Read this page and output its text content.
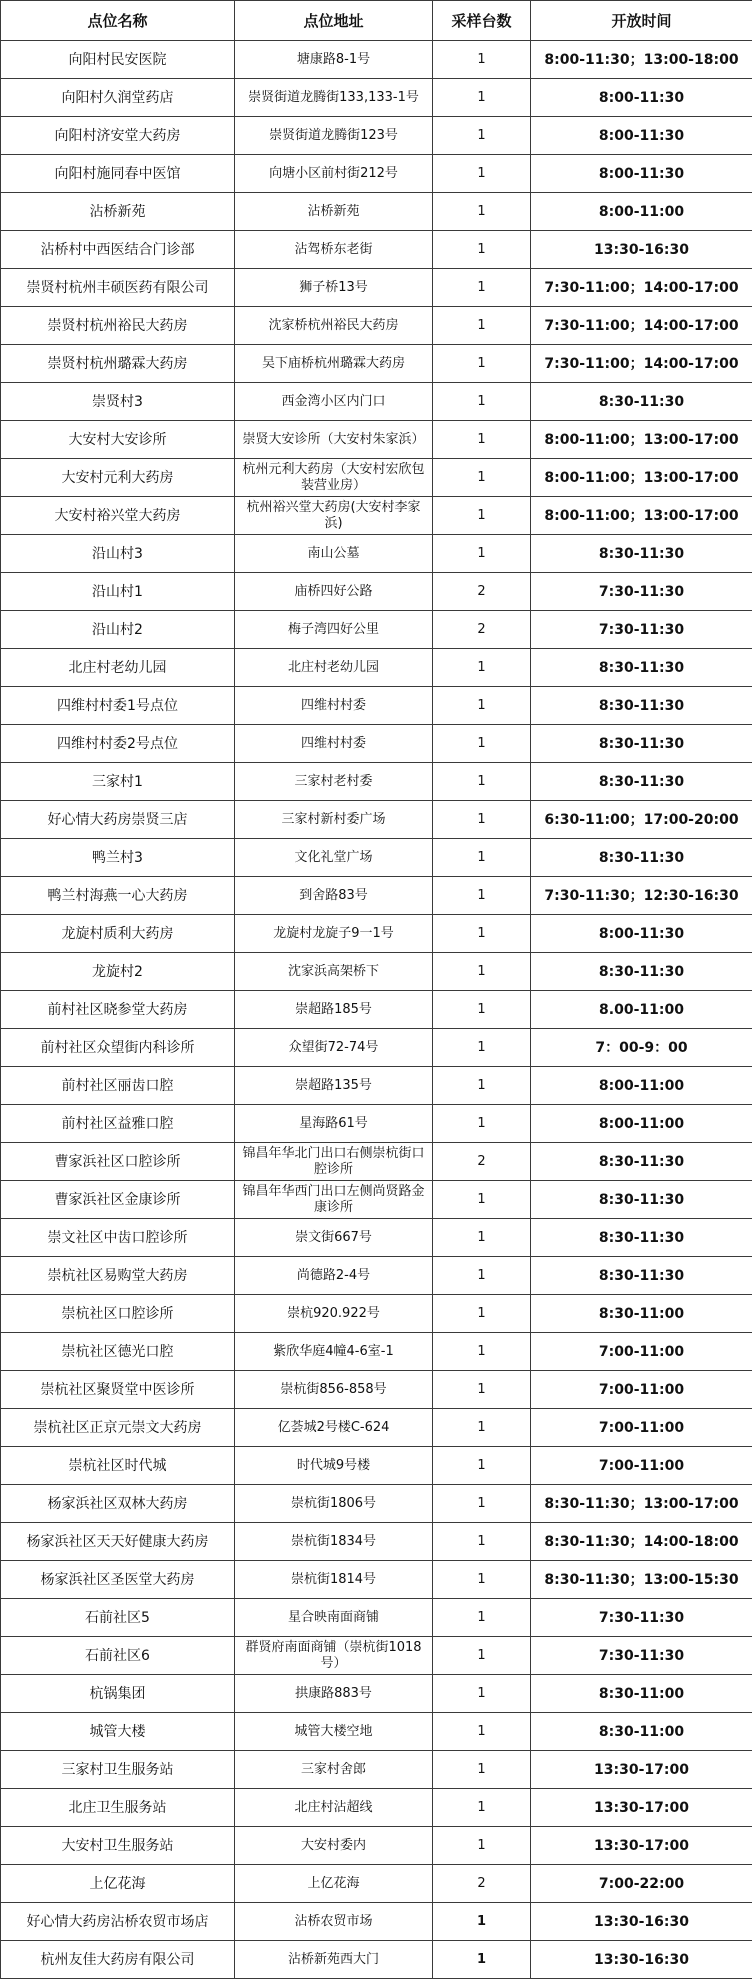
点位名称	点位地址	采样台数	开放时间
向阳村民安医院	塘康路8-1号	1	8:00-11:30；13:00-18:00
向阳村久润堂药店	崇贤街道龙腾街133,133-1号	1	8:00-11:30
向阳村济安堂大药房	崇贤街道龙腾街123号	1	8:00-11:30
向阳村施同春中医馆	向塘小区前村街212号	1	8:00-11:30
沾桥新苑	沾桥新苑	1	8:00-11:00
沾桥村中西医结合门诊部	沾驾桥东老街	1	13:30-16:30
崇贤村杭州丰硕医药有限公司	狮子桥13号	1	7:30-11:00；14:00-17:00
崇贤村杭州裕民大药房	沈家桥杭州裕民大药房	1	7:30-11:00；14:00-17:00
崇贤村杭州璐霖大药房	吴下庙桥杭州璐霖大药房	1	7:30-11:00；14:00-17:00
崇贤村3	西金湾小区内门口	1	8:30-11:30
大安村大安诊所	崇贤大安诊所（大安村朱家浜）	1	8:00-11:00；13:00-17:00
大安村元利大药房	杭州元利大药房（大安村宏欣包装营业房）	1	8:00-11:00；13:00-17:00
大安村裕兴堂大药房	杭州裕兴堂大药房(大安村李家浜)	1	8:00-11:00；13:00-17:00
沿山村3	南山公墓	1	8:30-11:30
沿山村1	庙桥四好公路	2	7:30-11:30
沿山村2	梅子湾四好公里	2	7:30-11:30
北庄村老幼儿园	北庄村老幼儿园	1	8:30-11:30
四维村村委1号点位	四维村村委	1	8:30-11:30
四维村村委2号点位	四维村村委	1	8:30-11:30
三家村1	三家村老村委	1	8:30-11:30
好心情大药房崇贤三店	三家村新村委广场	1	6:30-11:00；17:00-20:00
鸭兰村3	文化礼堂广场	1	8:30-11:30
鸭兰村海燕一心大药房	到舍路83号	1	7:30-11:30；12:30-16:30
龙旋村质利大药房	龙旋村龙旋子9一1号	1	8:00-11:30
龙旋村2	沈家浜高架桥下	1	8:30-11:30
前村社区晓参堂大药房	崇超路185号	1	8.00-11:00
前村社区众望街内科诊所	众望街72-74号	1	7：00-9：00
前村社区丽齿口腔	崇超路135号	1	8:00-11:00
前村社区益雅口腔	星海路61号	1	8:00-11:00
曹家浜社区口腔诊所	锦昌年华北门出口右侧崇杭街口腔诊所	2	8:30-11:30
曹家浜社区金康诊所	锦昌年华西门出口左侧尚贤路金康诊所	1	8:30-11:30
崇文社区中齿口腔诊所	崇文街667号	1	8:30-11:30
崇杭社区易购堂大药房	尚德路2-4号	1	8:30-11:30
崇杭社区口腔诊所	崇杭920.922号	1	8:30-11:00
崇杭社区德光口腔	紫欣华庭4幢4-6室-1	1	7:00-11:00
崇杭社区聚贤堂中医诊所	崇杭街856-858号	1	7:00-11:00
崇杭社区正京元崇文大药房	亿荟城2号楼C-624	1	7:00-11:00
崇杭社区时代城	时代城9号楼	1	7:00-11:00
杨家浜社区双林大药房	崇杭街1806号	1	8:30-11:30；13:00-17:00
杨家浜社区天天好健康大药房	崇杭街1834号	1	8:30-11:30；14:00-18:00
杨家浜社区圣医堂大药房	崇杭街1814号	1	8:30-11:30；13:00-15:30
石前社区5	星合映南面商铺	1	7:30-11:30
石前社区6	群贤府南面商铺（崇杭街1018号）	1	7:30-11:30
杭锅集团	拱康路883号	1	8:30-11:00
城管大楼	城管大楼空地	1	8:30-11:00
三家村卫生服务站	三家村舍郎	1	13:30-17:00
北庄卫生服务站	北庄村沾超线	1	13:30-17:00
大安村卫生服务站	大安村委内	1	13:30-17:00
上亿花海	上亿花海	2	7:00-22:00
好心情大药房沾桥农贸市场店	沾桥农贸市场	1	13:30-16:30
杭州友佳大药房有限公司	沾桥新苑西大门	1	13:30-16:30
